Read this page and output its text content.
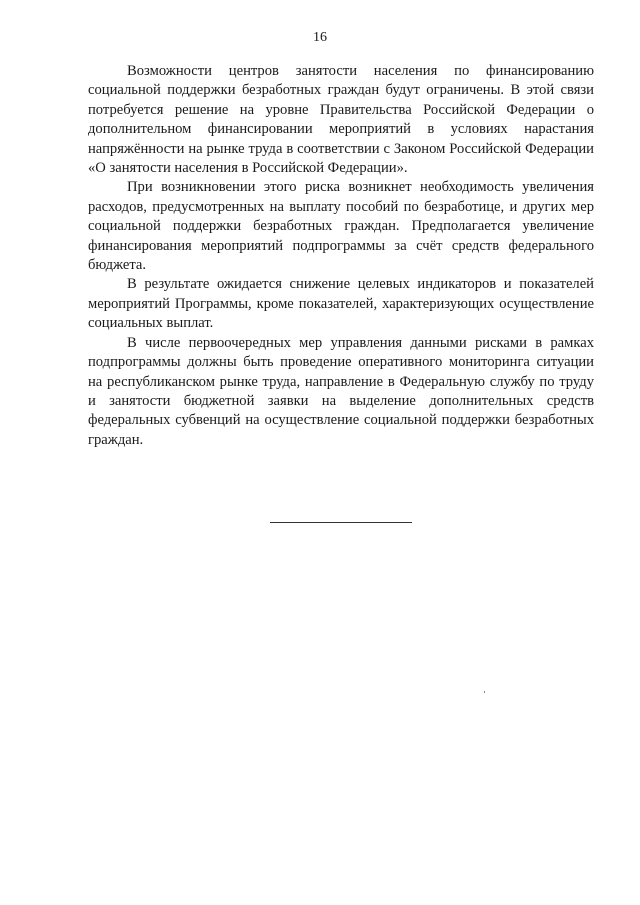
16

Возможности центров занятости населения по финансированию социальной поддержки безработных граждан будут ограничены. В этой связи потребуется решение на уровне Правительства Российской Федерации о дополнительном финансировании мероприятий в условиях нарастания напряжённости на рынке труда в соответствии с Законом Российской Федерации «О занятости населения в Российской Федерации».

При возникновении этого риска возникнет необходимость увеличения расходов, предусмотренных на выплату пособий по безработице, и других мер социальной поддержки безработных граждан. Предполагается увеличение финансирования мероприятий подпрограммы за счёт средств федерального бюджета.

В результате ожидается снижение целевых индикаторов и показателей мероприятий Программы, кроме показателей, характеризующих осуществление социальных выплат.

В числе первоочередных мер управления данными рисками в рамках подпрограммы должны быть проведение оперативного мониторинга ситуации на республиканском рынке труда, направление в Федеральную службу по труду и занятости бюджетной заявки на выделение дополнительных средств федеральных субвенций на осуществление социальной поддержки безработных граждан.
